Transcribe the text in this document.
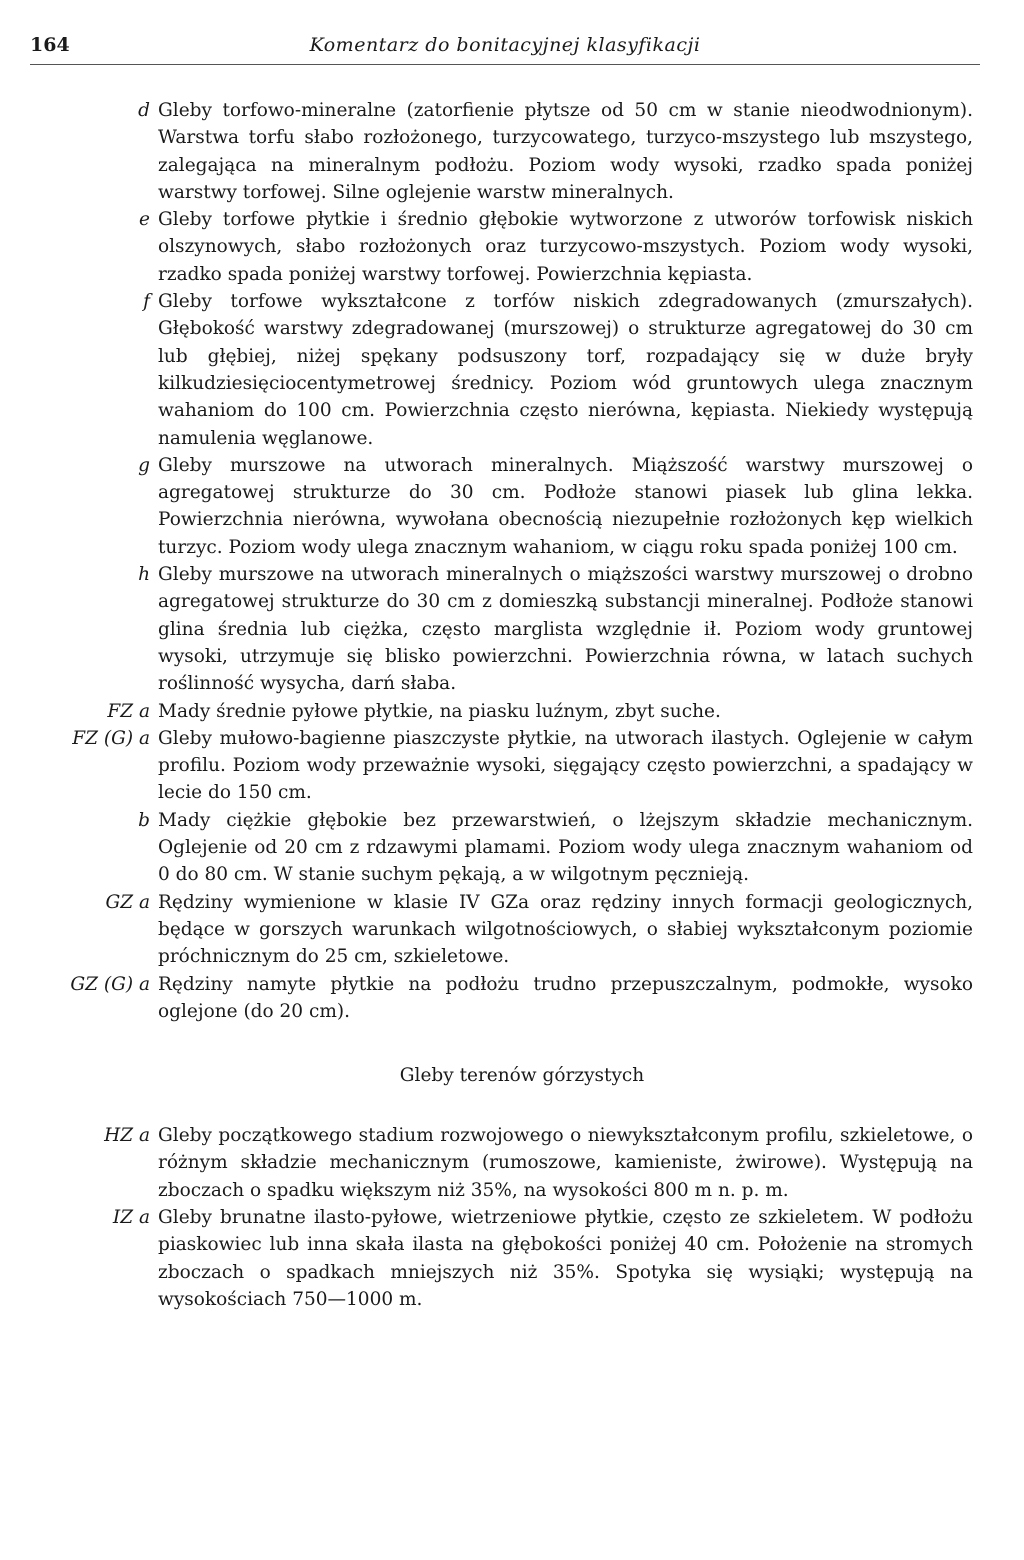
164	Komentarz do bonitacyjnej klasyfikacji
d Gleby torfowo-mineralne (zatorfienie płytsze od 50 cm w stanie nieodwodnionym). Warstwa torfu słabo rozłożonego, turzycowatego, turzyco-mszystego lub mszystego, zalegająca na mineralnym podłożu. Poziom wody wysoki, rzadko spada poniżej warstwy torfowej. Silne oglejenie warstw mineralnych.
e Gleby torfowe płytkie i średnio głębokie wytworzone z utworów torfowisk niskich olszynowych, słabo rozłożonych oraz turzycowo-mszystych. Poziom wody wysoki, rzadko spada poniżej warstwy torfowej. Powierzchnia kępiasta.
f Gleby torfowe wykształcone z torfów niskich zdegradowanych (zmurszałych). Głębokość warstwy zdegradowanej (murszowej) o strukturze agregatowej do 30 cm lub głębiej, niżej spękany podsuszony torf, rozpadający się w duże bryły kilkudziesięciocentymetrowej średnicy. Poziom wód gruntowych ulega znacznym wahaniom do 100 cm. Powierzchnia często nierówna, kępiasta. Niekiedy występują namulenia węglanowe.
g Gleby murszowe na utworach mineralnych. Miąższość warstwy murszowej o agregatowej strukturze do 30 cm. Podłoże stanowi piasek lub glina lekka. Powierzchnia nierówna, wywołana obecnością niezupełnie rozłożonych kęp wielkich turzyc. Poziom wody ulega znacznym wahaniom, w ciągu roku spada poniżej 100 cm.
h Gleby murszowe na utworach mineralnych o miąższości warstwy murszowej o drobno agregatowej strukturze do 30 cm z domieszką substancji mineralnej. Podłoże stanowi glina średnia lub ciężka, często marglista względnie ił. Poziom wody gruntowej wysoki, utrzymuje się blisko powierzchni. Powierzchnia równa, w latach suchych roślinność wysycha, darń słaba.
FZ a Mady średnie pyłowe płytkie, na piasku luźnym, zbyt suche.
FZ (G) a Gleby mułowo-bagienne piaszczyste płytkie, na utworach ilastych. Oglejenie w całym profilu. Poziom wody przeważnie wysoki, sięgający często powierzchni, a spadający w lecie do 150 cm.
b Mady ciężkie głębokie bez przewarstwień, o lżejszym składzie mechanicznym. Oglejenie od 20 cm z rdzawymi plamami. Poziom wody ulega znacznym wahaniom od 0 do 80 cm. W stanie suchym pękają, a w wilgotnym pęcznieją.
GZ a Rędziny wymienione w klasie IV GZa oraz rędziny innych formacji geologicznych, będące w gorszych warunkach wilgotnościowych, o słabiej wykształconym poziomie próchnicznym do 25 cm, szkieletowe.
GZ (G) a Rędziny namyte płytkie na podłożu trudno przepuszczalnym, podmokłe, wysoko oglejone (do 20 cm).
Gleby terenów górzystych
HZ a Gleby początkowego stadium rozwojowego o niewykształconym profilu, szkieletowe, o różnym składzie mechanicznym (rumoszowe, kamieniste, żwirowe). Występują na zboczach o spadku większym niż 35%, na wysokości 800 m n. p. m.
IZ a Gleby brunatne ilasto-pyłowe, wietrzeniowe płytkie, często ze szkieletem. W podłożu piaskowiec lub inna skała ilasta na głębokości poniżej 40 cm. Położenie na stromych zboczach o spadkach mniejszych niż 35%. Spotyka się wysiąki; występują na wysokościach 750—1000 m.
